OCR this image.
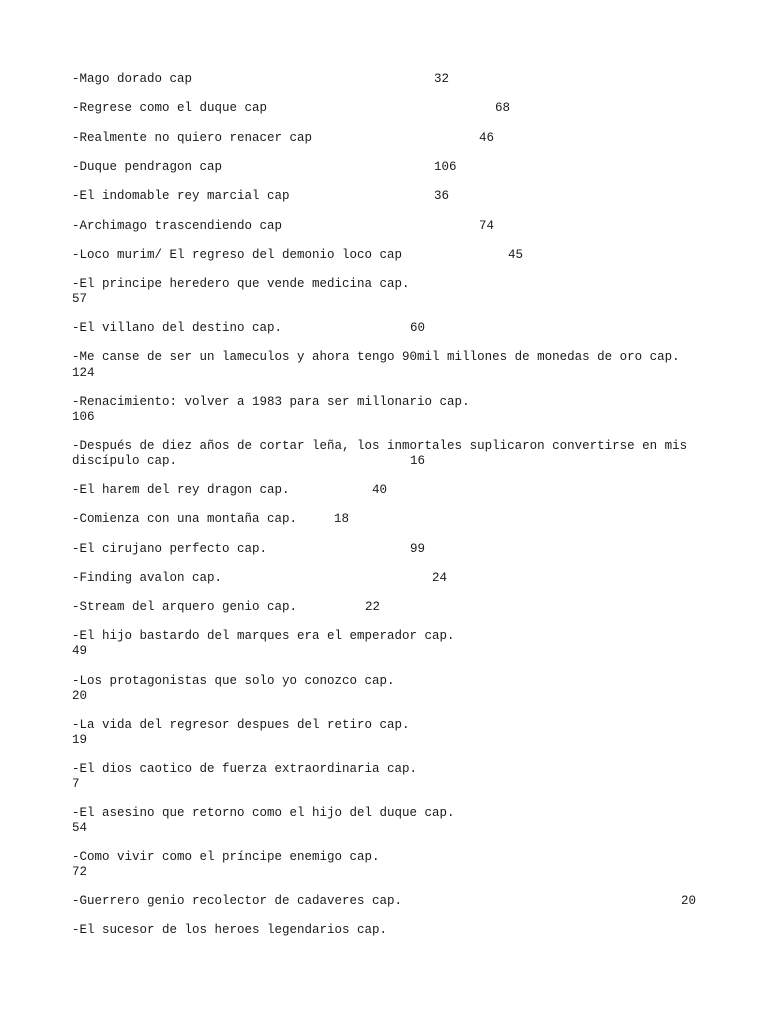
-Mago dorado cap	32
-Regrese como el duque cap	68
-Realmente no quiero renacer cap	46
-Duque pendragon cap	106
-El indomable rey marcial cap	36
-Archimago trascendiendo cap	74
-Loco murim/ El regreso del demonio loco cap	45
-El principe heredero que vende medicina cap.
57
-El villano del destino cap.	60
-Me canse de ser un lameculos y ahora tengo 90mil millones de monedas de oro cap.
124
-Renacimiento: volver a 1983 para ser millonario cap.
106
-Después de diez años de cortar leña, los inmortales suplicaron convertirse en mis
discípulo cap.	16
-El harem del rey dragon cap.	40
-Comienza con una montaña cap.	18
-El cirujano perfecto cap.	99
-Finding avalon cap.	24
-Stream del arquero genio cap.	22
-El hijo bastardo del marques era el emperador cap.
49
-Los protagonistas que solo yo conozco cap.
20
-La vida del regresor despues del retiro cap.
19
-El dios caotico de fuerza extraordinaria cap.
7
-El asesino que retorno como el hijo del duque cap.
54
-Como vivir como el príncipe enemigo cap.
72
-Guerrero genio recolector de cadaveres cap.	20
-El sucesor de los heroes legendarios cap.
